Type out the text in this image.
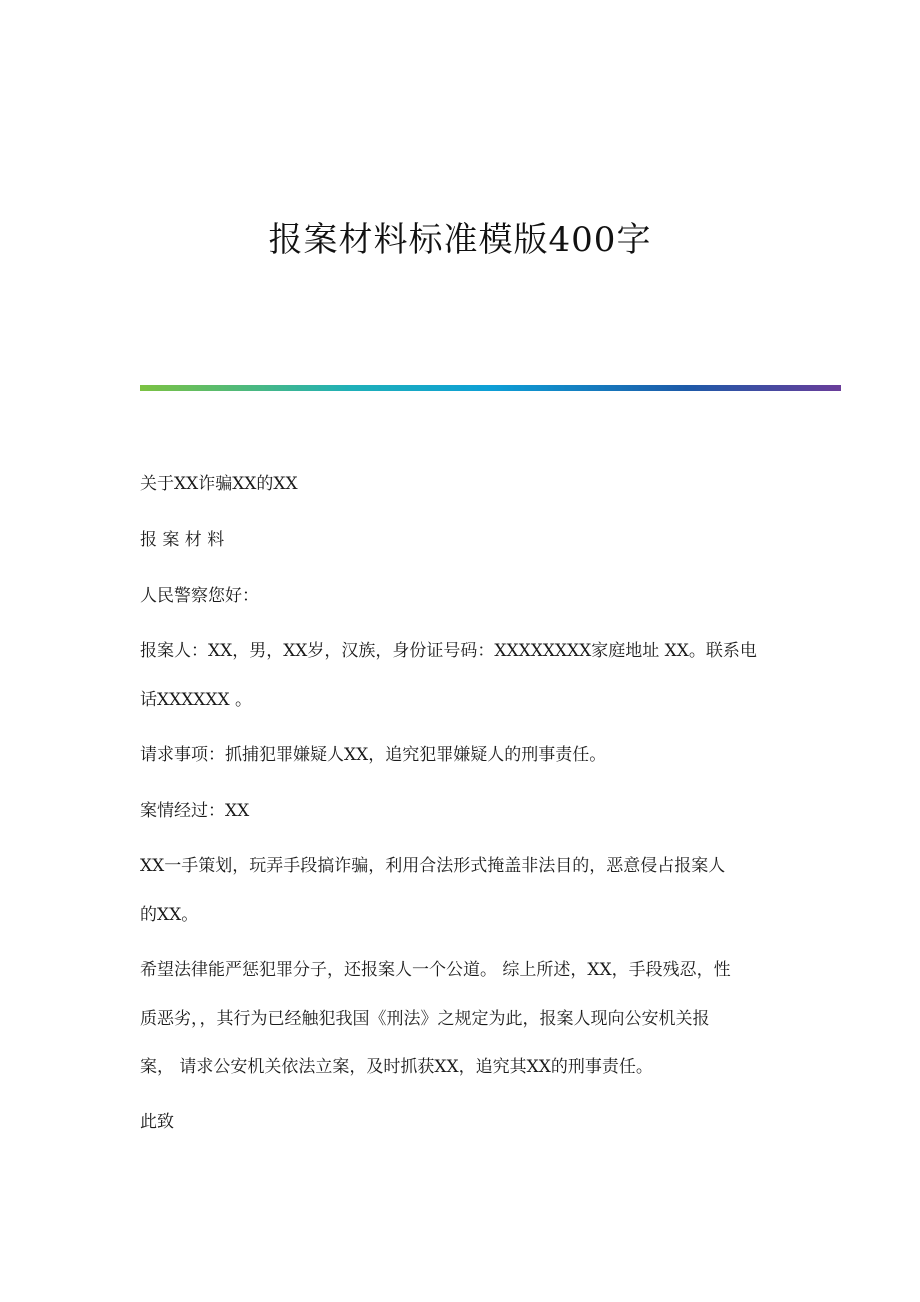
报案材料标准模版400字
关于XX诈骗XX的XX
报 案 材 料
人民警察您好：
报案人：XX，男，XX岁，汉族，身份证号码：XXXXXXXX家庭地址 XX。联系电
话XXXXXX 。
请求事项：抓捕犯罪嫌疑人XX，追究犯罪嫌疑人的刑事责任。
案情经过：XX
XX一手策划，玩弄手段搞诈骗，利用合法形式掩盖非法目的，恶意侵占报案人
的XX。
希望法律能严惩犯罪分子，还报案人一个公道。 综上所述，XX，手段残忍，性
质恶劣，，其行为已经触犯我国《刑法》之规定为此，报案人现向公安机关报
案， 请求公安机关依法立案，及时抓获XX，追究其XX的刑事责任。
此致
